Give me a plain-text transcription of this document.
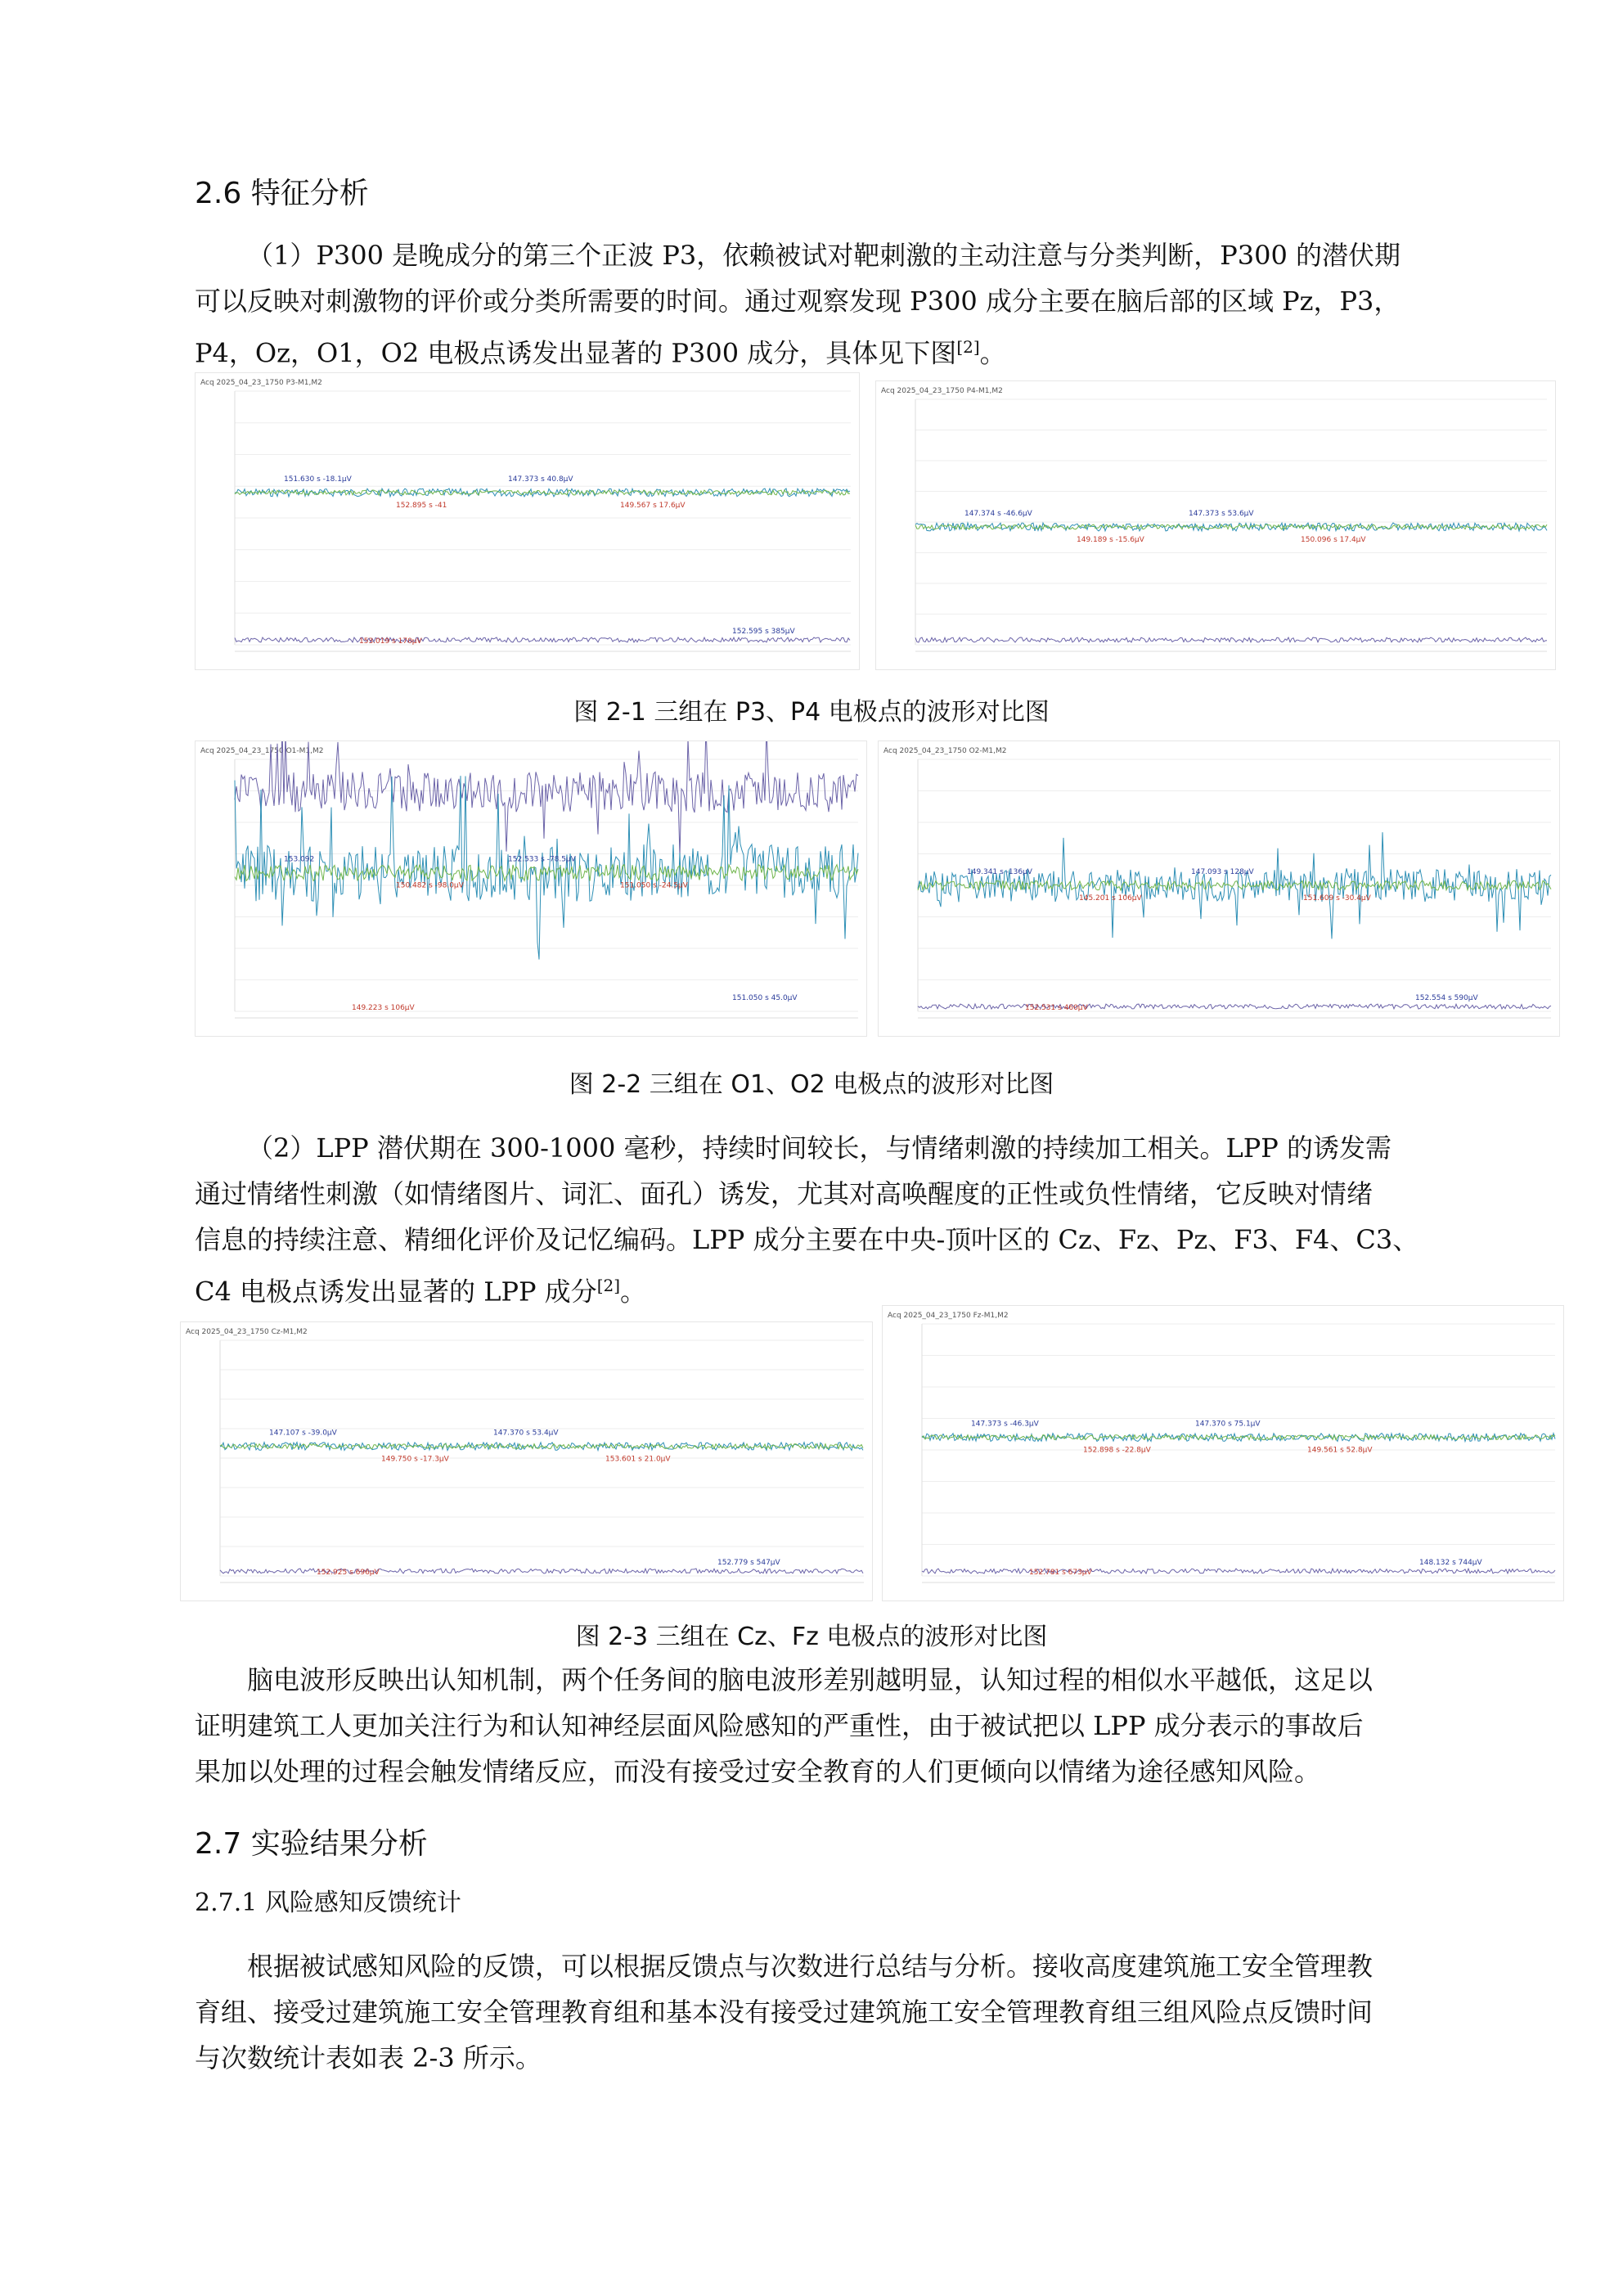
2.6 特征分析
（1）P300 是晚成分的第三个正波 P3，依赖被试对靶刺激的主动注意与分类判断，P300 的潜伏期
可以反映对刺激物的评价或分类所需要的时间。通过观察发现 P300 成分主要在脑后部的区域 Pz，P3，
P4，Oz，O1，O2 电极点诱发出显著的 P300 成分，具体见下图[2]。
Acq 2025_04_23_1750 P3-M1,M2
151.630 s -18.1μV
152.895 s -41
147.373 s 40.8μV
149.567 s 17.6μV
152.595 s 385μV
153.019 s 170μV
Acq 2025_04_23_1750 P4-M1,M2
147.374 s -46.6μV
149.189 s -15.6μV
147.373 s 53.6μV
150.096 s 17.4μV
图 2-1 三组在 P3、P4 电极点的波形对比图
Acq 2025_04_23_1750 O1-M1,M2
153.092
150.482 s -98.0μV
152.533 s -78.5μV
151.050 s -24.5μV
151.050 s 45.0μV
149.223 s 106μV
Acq 2025_04_23_1750 O2-M1,M2
149.341 s -136μV
145.201 s 106μV
147.093 s 128μV
151.609 s -30.4μV
152.554 s 590μV
152.531 s 460μV
图 2-2 三组在 O1、O2 电极点的波形对比图
（2）LPP 潜伏期在 300-1000 毫秒，持续时间较长，与情绪刺激的持续加工相关。LPP 的诱发需
通过情绪性刺激（如情绪图片、词汇、面孔）诱发，尤其对高唤醒度的正性或负性情绪，它反映对情绪
信息的持续注意、精细化评价及记忆编码。LPP 成分主要在中央-顶叶区的 Cz、Fz、Pz、F3、F4、C3、
C4 电极点诱发出显著的 LPP 成分[2]。
Acq 2025_04_23_1750 Cz-M1,M2
147.107 s -39.0μV
149.750 s -17.3μV
147.370 s 53.4μV
153.601 s 21.0μV
152.779 s 547μV
152.925 s 696μV
Acq 2025_04_23_1750 Fz-M1,M2
147.373 s -46.3μV
152.898 s -22.8μV
147.370 s 75.1μV
149.561 s 52.8μV
148.132 s 744μV
152.781 s 673μV
图 2-3 三组在 Cz、Fz 电极点的波形对比图
脑电波形反映出认知机制，两个任务间的脑电波形差别越明显，认知过程的相似水平越低，这足以
证明建筑工人更加关注行为和认知神经层面风险感知的严重性，由于被试把以 LPP 成分表示的事故后
果加以处理的过程会触发情绪反应，而没有接受过安全教育的人们更倾向以情绪为途径感知风险。
2.7 实验结果分析
2.7.1 风险感知反馈统计
根据被试感知风险的反馈，可以根据反馈点与次数进行总结与分析。接收高度建筑施工安全管理教
育组、接受过建筑施工安全管理教育组和基本没有接受过建筑施工安全管理教育组三组风险点反馈时间
与次数统计表如表 2-3 所示。
